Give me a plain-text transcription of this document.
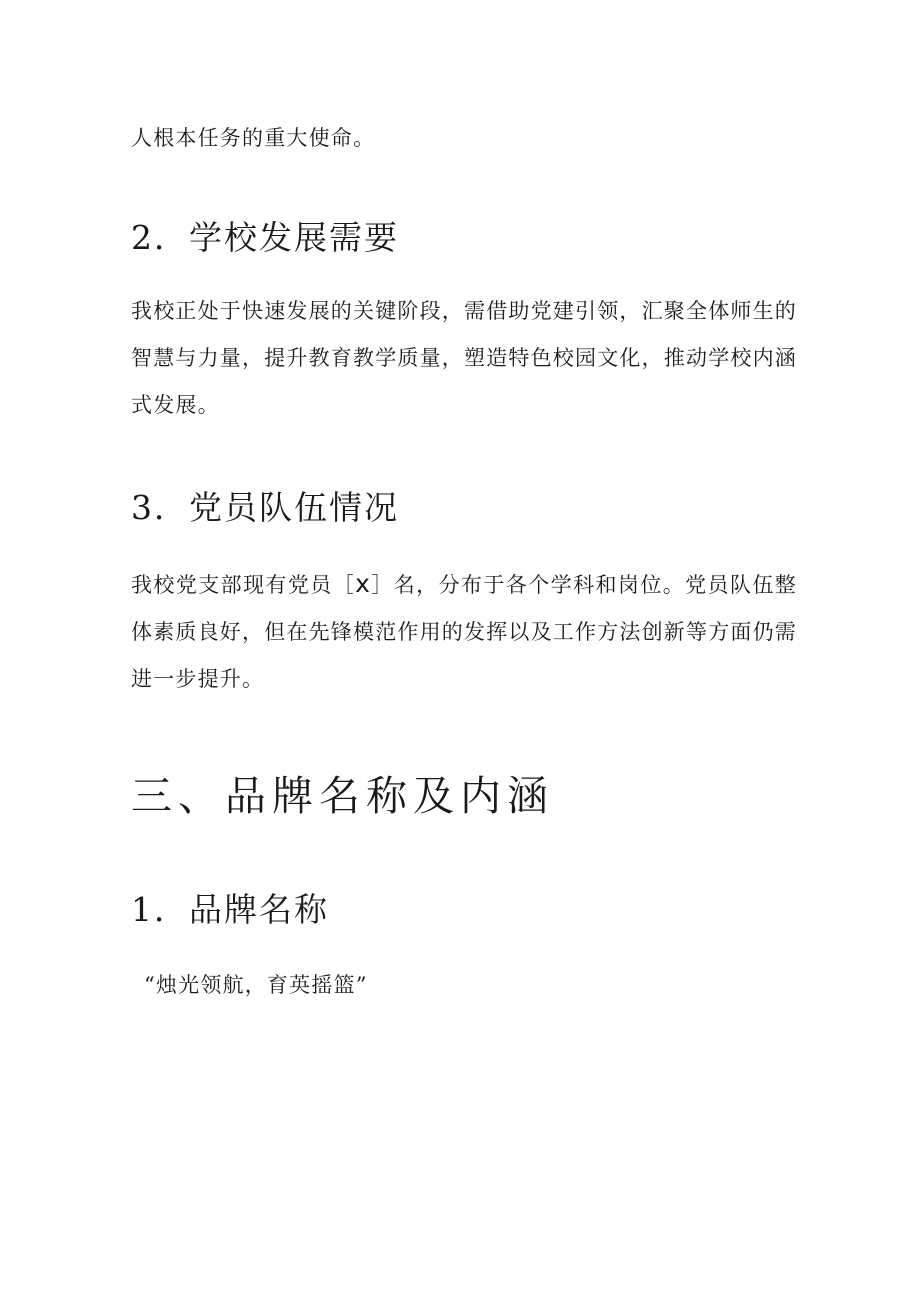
人根本任务的重大使命。

2．学校发展需要

我校正处于快速发展的关键阶段，需借助党建引领，汇聚全体师生的智慧与力量，提升教育教学质量，塑造特色校园文化，推动学校内涵式发展。

3．党员队伍情况

我校党支部现有党员［x］名，分布于各个学科和岗位。党员队伍整体素质良好，但在先锋模范作用的发挥以及工作方法创新等方面仍需进一步提升。

三、品牌名称及内涵
1．品牌名称

“烛光领航，育英摇篮”
